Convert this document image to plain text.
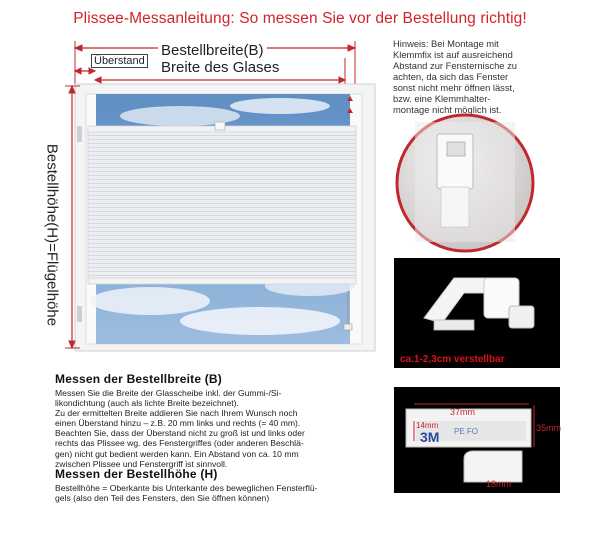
Plissee-Messanleitung: So messen Sie vor der Bestellung richtig!
Bestellbreite(B)
Überstand Breite des Glases
Bestellhöhe(H)=Flügelhöhe
Hinweis: Bei Montage mit
Klemmfix ist auf ausreichend
Abstand zur Fensternische zu
achten, da sich das Fenster
sonst nicht mehr öffnen lässt,
bzw. eine Klemmhalter-
montage nicht möglich ist.
ca.1-2,3cm verstellbar
37mm
35mm
14mm
3M PE FO
18mm
Messen der Bestellbreite (B)
Messen Sie die Breite der Glasscheibe inkl. der Gummi-/Si-
likondichtung (auch als lichte Breite bezeichnet).
Zu der ermittelten Breite addieren Sie nach Ihrem Wunsch noch
einen Überstand hinzu – z.B. 20 mm links und rechts (= 40 mm).
Beachten Sie, dass der Überstand nicht zu groß ist und links oder
rechts das Plissee wg. des Fenstergriffes (oder anderen Beschlä-
gen) nicht gut bedient werden kann. Ein Abstand von ca. 10 mm
zwischen Plissee und Fenstergriff ist sinnvoll.
Messen der Bestellhöhe (H)
Bestellhöhe = Oberkante bis Unterkante des beweglichen Fensterflü-
gels (also den Teil des Fensters, den Sie öffnen können)
